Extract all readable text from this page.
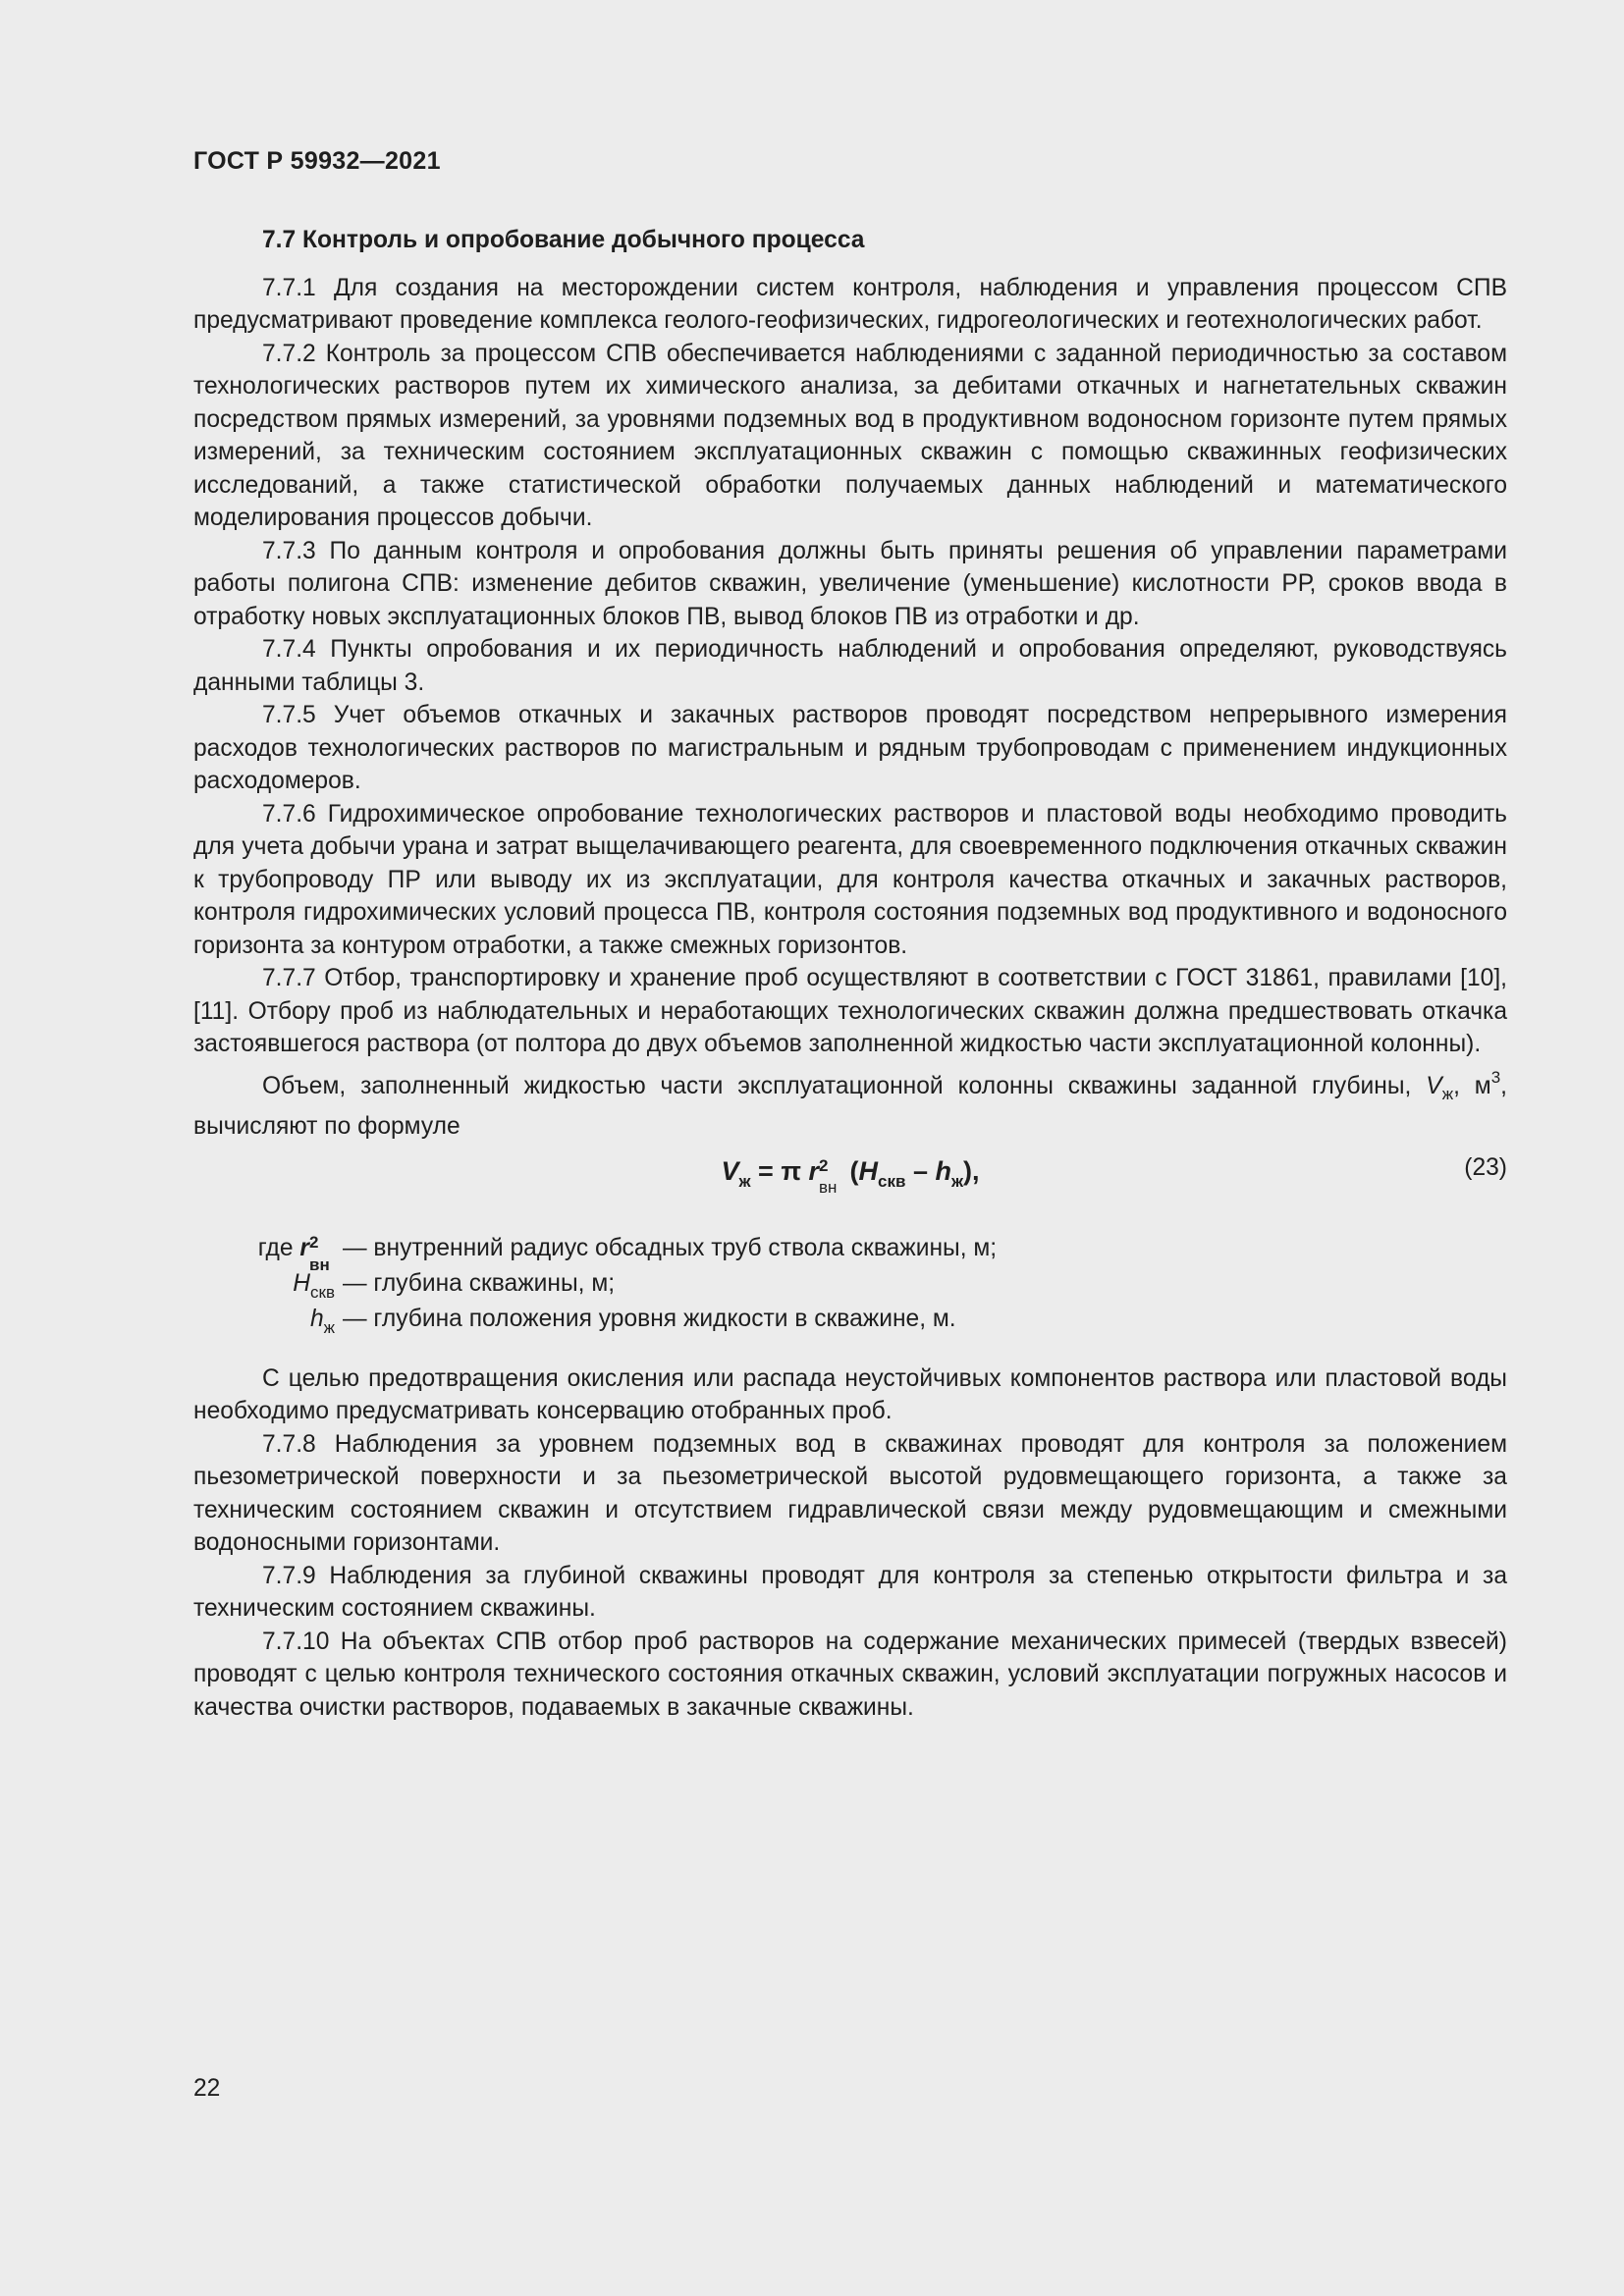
ГОСТ Р 59932—2021
7.7 Контроль и опробование добычного процесса

7.7.1 Для создания на месторождении систем контроля, наблюдения и управления процессом СПВ предусматривают проведение комплекса геолого-геофизических, гидрогеологических и геотехнологических работ.

7.7.2 Контроль за процессом СПВ обеспечивается наблюдениями с заданной периодичностью за составом технологических растворов путем их химического анализа, за дебитами откачных и нагнетательных скважин посредством прямых измерений, за уровнями подземных вод в продуктивном водоносном горизонте путем прямых измерений, за техническим состоянием эксплуатационных скважин с помощью скважинных геофизических исследований, а также статистической обработки получаемых данных наблюдений и математического моделирования процессов добычи.

7.7.3 По данным контроля и опробования должны быть приняты решения об управлении параметрами работы полигона СПВ: изменение дебитов скважин, увеличение (уменьшение) кислотности РР, сроков ввода в отработку новых эксплуатационных блоков ПВ, вывод блоков ПВ из отработки и др.

7.7.4 Пункты опробования и их периодичность наблюдений и опробования определяют, руководствуясь данными таблицы 3.

7.7.5 Учет объемов откачных и закачных растворов проводят посредством непрерывного измерения расходов технологических растворов по магистральным и рядным трубопроводам с применением индукционных расходомеров.

7.7.6 Гидрохимическое опробование технологических растворов и пластовой воды необходимо проводить для учета добычи урана и затрат выщелачивающего реагента, для своевременного подключения откачных скважин к трубопроводу ПР или выводу их из эксплуатации, для контроля качества откачных и закачных растворов, контроля гидрохимических условий процесса ПВ, контроля состояния подземных вод продуктивного и водоносного горизонта за контуром отработки, а также смежных горизонтов.

7.7.7 Отбор, транспортировку и хранение проб осуществляют в соответствии с ГОСТ 31861, правилами [10], [11]. Отбору проб из наблюдательных и неработающих технологических скважин должна предшествовать откачка застоявшегося раствора (от полтора до двух объемов заполненной жидкостью части эксплуатационной колонны).

Объем, заполненный жидкостью части эксплуатационной колонны скважины заданной глубины, $V_ж$, $м^3$, вычисляют по формуле

$V_ж = \pi$ r 2
вн
$(H_{скв} - h_ж)$,	(23)
где r 2
вн
— внутренний радиус обсадных труб ствола скважины, м;
$H_{скв}$ — глубина скважины, м;
$h_ж$ — глубина положения уровня жидкости в скважине, м.

С целью предотвращения окисления или распада неустойчивых компонентов раствора или пластовой воды необходимо предусматривать консервацию отобранных проб.

7.7.8 Наблюдения за уровнем подземных вод в скважинах проводят для контроля за положением пьезометрической поверхности и за пьезометрической высотой рудовмещающего горизонта, а также за техническим состоянием скважин и отсутствием гидравлической связи между рудовмещающим и смежными водоносными горизонтами.

7.7.9 Наблюдения за глубиной скважины проводят для контроля за степенью открытости фильтра и за техническим состоянием скважины.

7.7.10 На объектах СПВ отбор проб растворов на содержание механических примесей (твердых взвесей) проводят с целью контроля технического состояния откачных скважин, условий эксплуатации погружных насосов и качества очистки растворов, подаваемых в закачные скважины.

22
